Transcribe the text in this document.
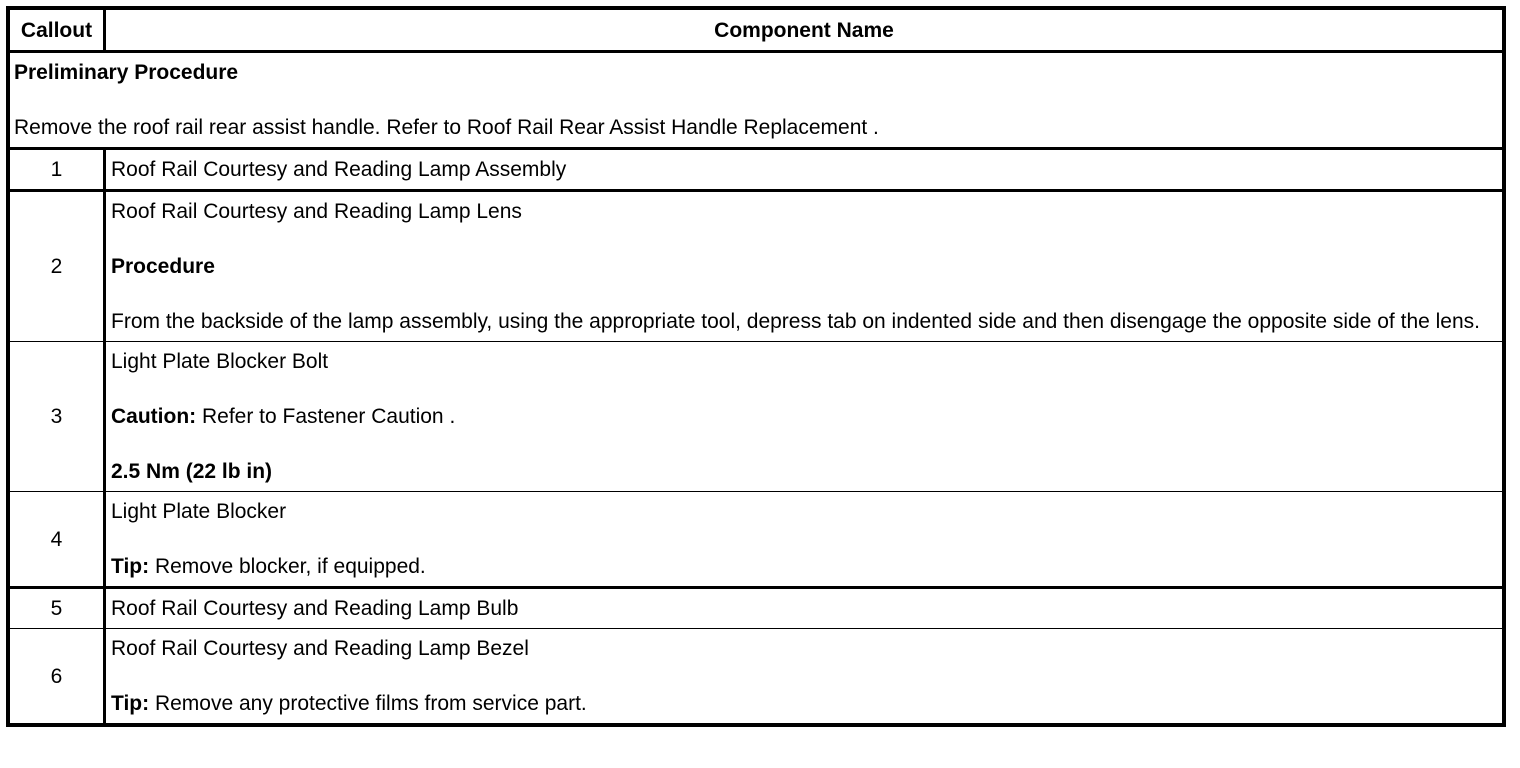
Callout	Component Name

Preliminary Procedure

Remove the roof rail rear assist handle. Refer to Roof Rail Rear Assist Handle Replacement .	

1	Roof Rail Courtesy and Reading Lamp Assembly

2	Roof Rail Courtesy and Reading Lamp Lens

Procedure

From the backside of the lamp assembly, using the appropriate tool, depress tab on indented side and then disengage the opposite side of the lens.

3	Light Plate Blocker Bolt

Caution: Refer to Fastener Caution .

2.5 Nm (22 lb in)

4	Light Plate Blocker

Tip: Remove blocker, if equipped.

5	Roof Rail Courtesy and Reading Lamp Bulb

6	Roof Rail Courtesy and Reading Lamp Bezel

Tip: Remove any protective films from service part.
